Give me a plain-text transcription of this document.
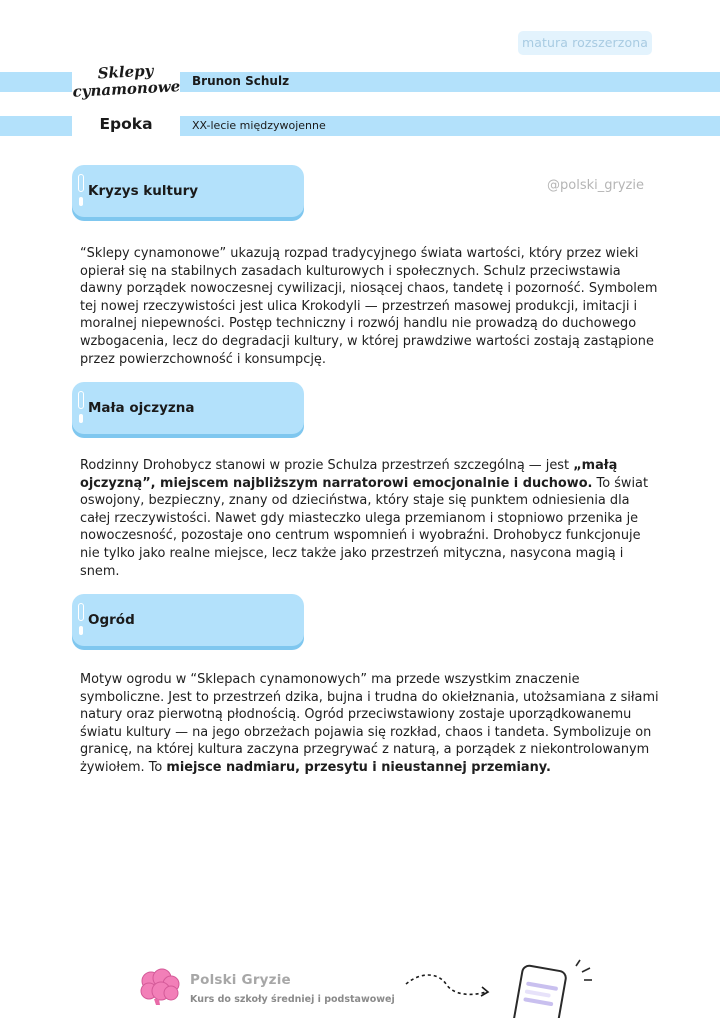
matura rozszerzona
Sklepy
cynamonowe
Epoka
Brunon Schulz
XX-lecie międzywojenne
@polski_gryzie
Kryzys kultury
“Sklepy cynamonowe” ukazują rozpad tradycyjnego świata wartości, który przez wieki opierał się na stabilnych zasadach kulturowych i społecznych. Schulz przeciwstawia dawny porządek nowoczesnej cywilizacji, niosącej chaos, tandetę i pozorność. Symbolem tej nowej rzeczywistości jest ulica Krokodyli — przestrzeń masowej produkcji, imitacji i moralnej niepewności. Postęp techniczny i rozwój handlu nie prowadzą do duchowego wzbogacenia, lecz do degradacji kultury, w której prawdziwe wartości zostają zastąpione przez powierzchowność i konsumpcję.
Mała ojczyzna
Rodzinny Drohobycz stanowi w prozie Schulza przestrzeń szczególną — jest „małą ojczyzną”, miejscem najbliższym narratorowi emocjonalnie i duchowo. To świat oswojony, bezpieczny, znany od dzieciństwa, który staje się punktem odniesienia dla całej rzeczywistości. Nawet gdy miasteczko ulega przemianom i stopniowo przenika je nowoczesność, pozostaje ono centrum wspomnień i wyobraźni. Drohobycz funkcjonuje nie tylko jako realne miejsce, lecz także jako przestrzeń mityczna, nasycona magią i snem.
Ogród
Motyw ogrodu w “Sklepach cynamonowych” ma przede wszystkim znaczenie symboliczne. Jest to przestrzeń dzika, bujna i trudna do okiełznania, utożsamiana z siłami natury oraz pierwotną płodnością. Ogród przeciwstawiony zostaje uporządkowanemu światu kultury — na jego obrzeżach pojawia się rozkład, chaos i tandeta. Symbolizuje on granicę, na której kultura zaczyna przegrywać z naturą, a porządek z niekontrolowanym żywiołem. To miejsce nadmiaru, przesytu i nieustannej przemiany.
Polski Gryzie
Kurs do szkoły średniej i podstawowej
